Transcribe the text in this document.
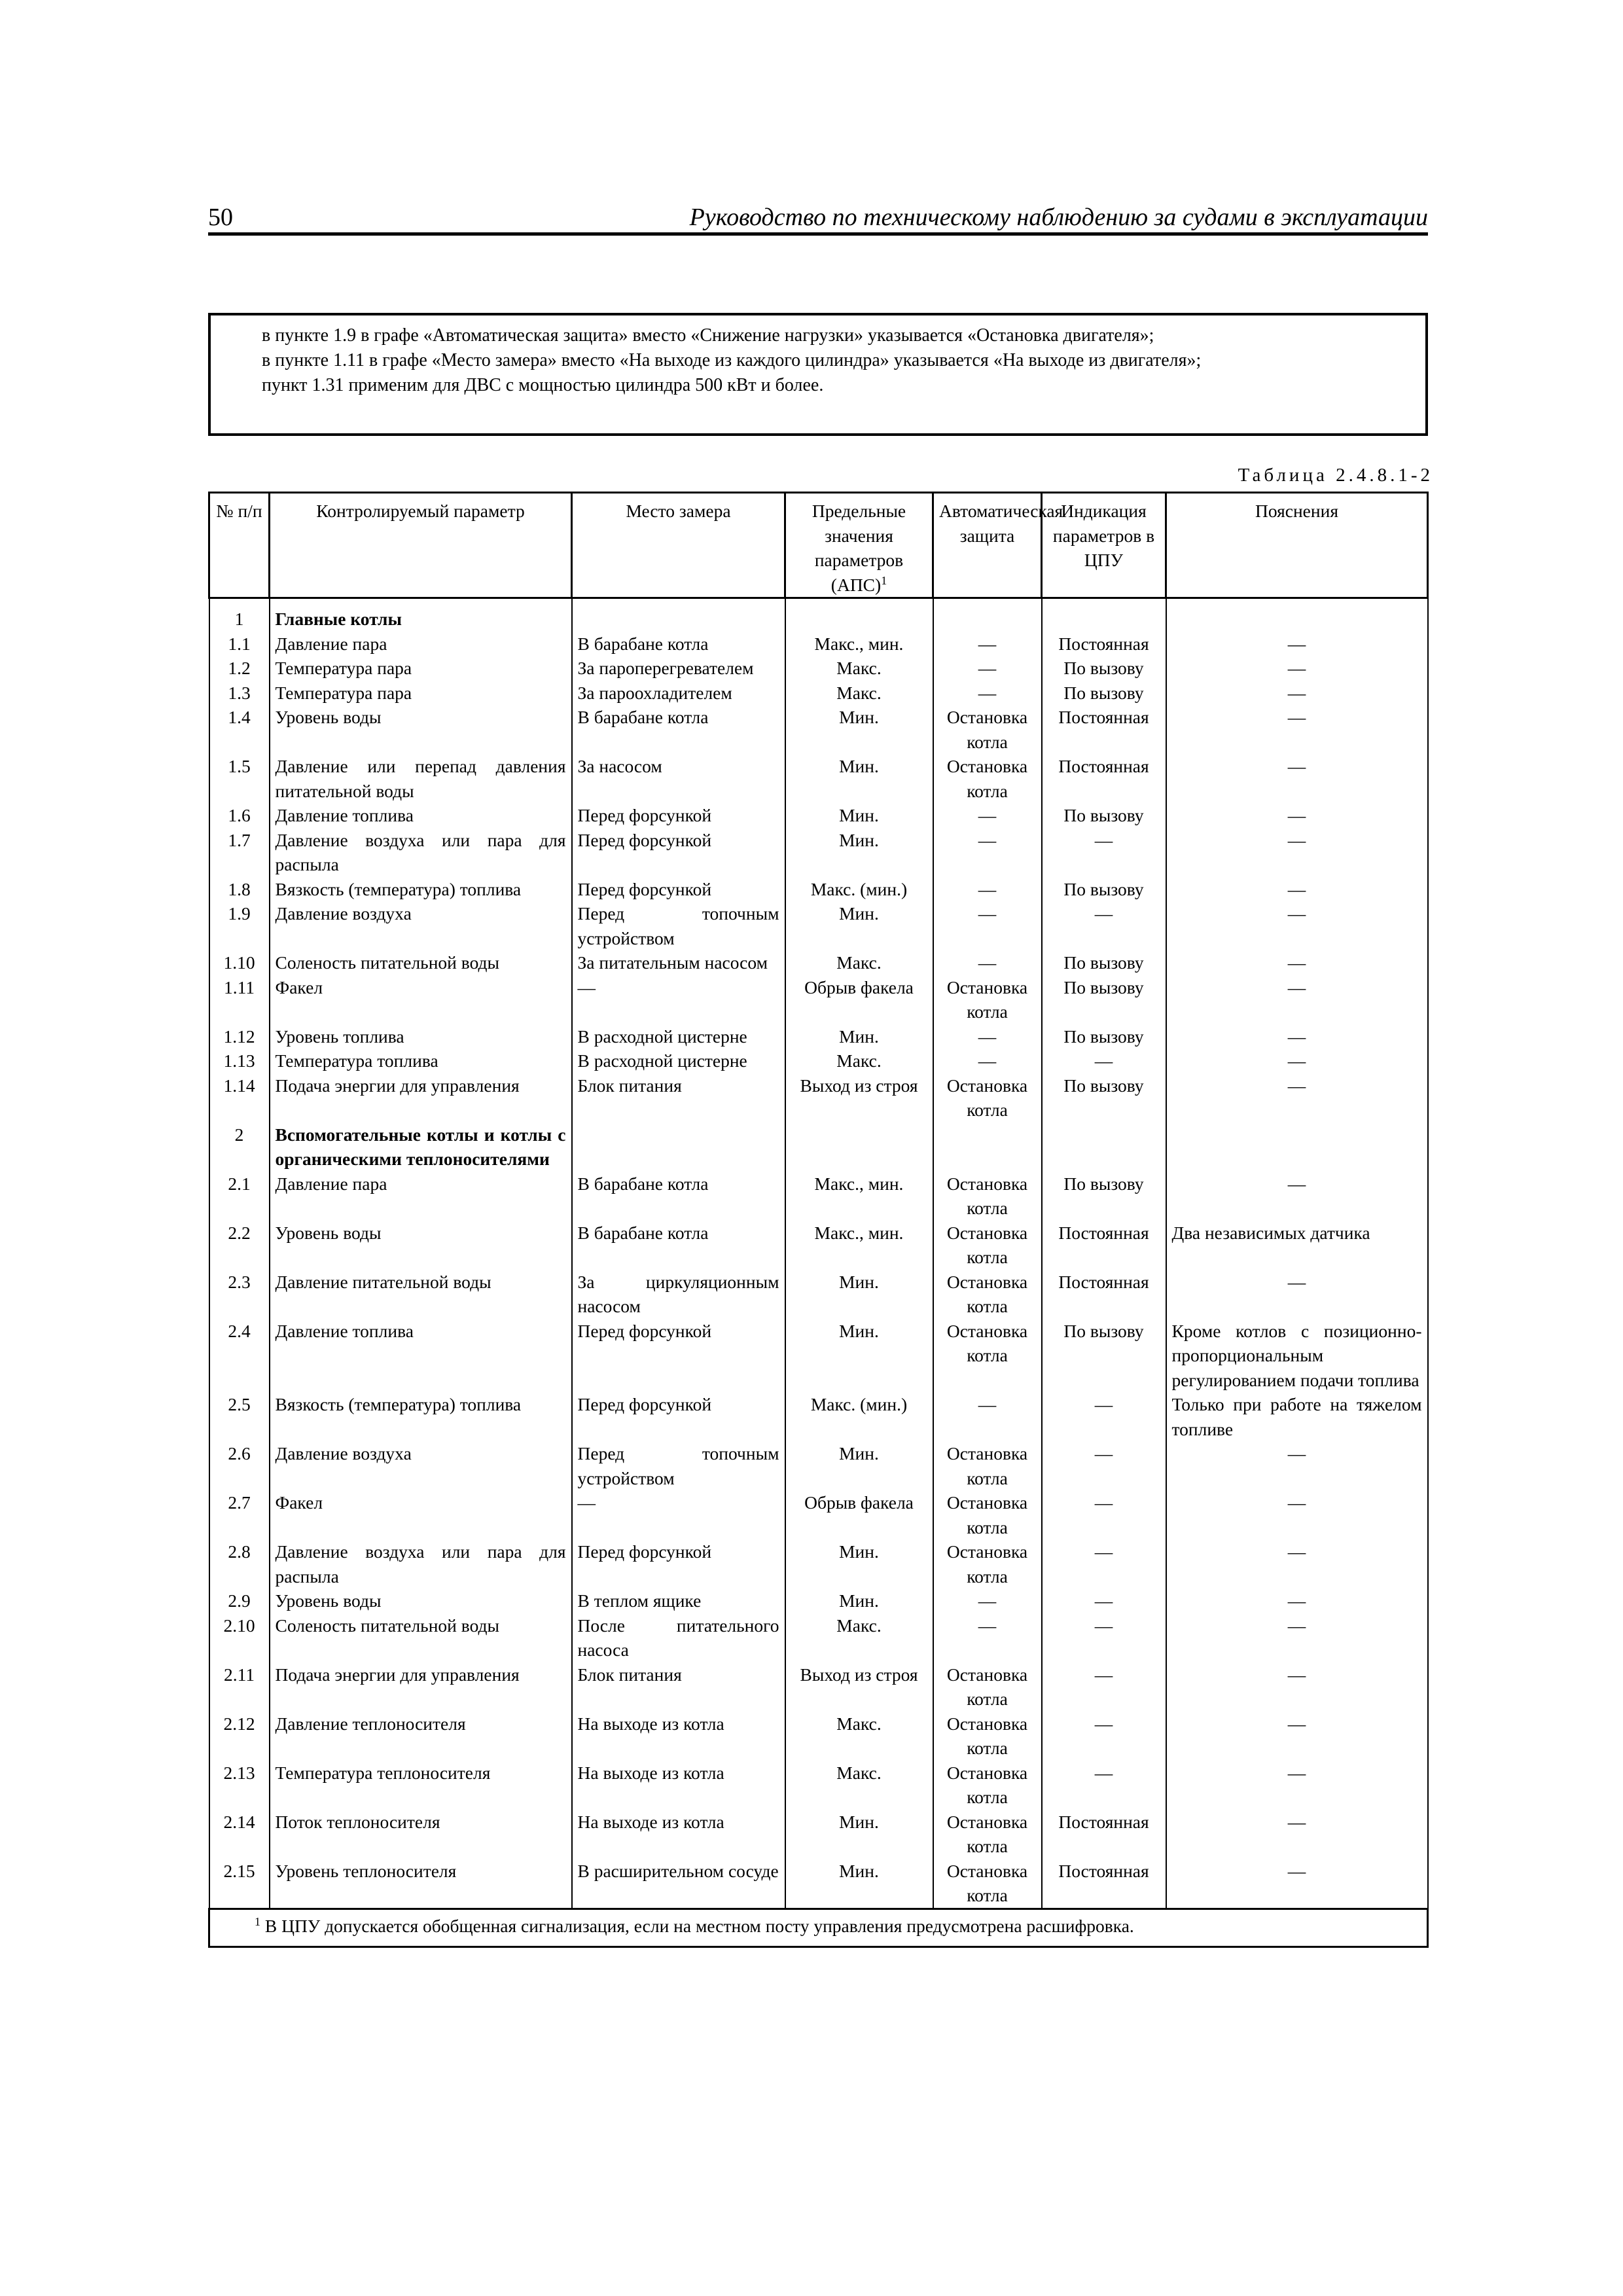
50	Руководство по техническому наблюдению за судами в эксплуатации
в пункте 1.9 в графе «Автоматическая защита» вместо «Снижение нагрузки» указывается «Остановка двигателя»;
в пункте 1.11 в графе «Место замера» вместо «На выходе из каждого цилиндра» указывается «На выходе из двигателя»;
пункт 1.31 применим для ДВС с мощностью цилиндра 500 кВт и более.
Таблица 2.4.8.1-2
№ п/п	Контролируемый параметр	Место замера	Предельные значения параметров (АПС)$^1$	Автоматическая защита	Индикация параметров в ЦПУ	Пояснения
1	Главные котлы					
1.1	Давление пара	В барабане котла	Макс., мин.	—	Постоянная	—
1.2	Температура пара	За пароперегревателем	Макс.	—	По вызову	—
1.3	Температура пара	За пароохладителем	Макс.	—	По вызову	—
1.4	Уровень воды	В барабане котла	Мин.	Остановка котла	Постоянная	—
1.5	Давление или перепад давления питательной воды	За насосом	Мин.	Остановка котла	Постоянная	—
1.6	Давление топлива	Перед форсункой	Мин.	—	По вызову	—
1.7	Давление воздуха или пара для распыла	Перед форсункой	Мин.	—	—	—
1.8	Вязкость (температура) топлива	Перед форсункой	Макс. (мин.)	—	По вызову	—
1.9	Давление воздуха	Перед топочным устройством	Мин.	—	—	—
1.10	Соленость питательной воды	За питательным насосом	Макс.	—	По вызову	—
1.11	Факел	—	Обрыв факела	Остановка котла	По вызову	—
1.12	Уровень топлива	В расходной цистерне	Мин.	—	По вызову	—
1.13	Температура топлива	В расходной цистерне	Макс.	—	—	—
1.14	Подача энергии для управления	Блок питания	Выход из строя	Остановка котла	По вызову	—
2	Вспомогательные котлы и котлы с органическими теплоносителями					
2.1	Давление пара	В барабане котла	Макс., мин.	Остановка котла	По вызову	—
2.2	Уровень воды	В барабане котла	Макс., мин.	Остановка котла	Постоянная	Два независимых датчика
2.3	Давление питательной воды	За циркуляционным насосом	Мин.	Остановка котла	Постоянная	—
2.4	Давление топлива	Перед форсункой	Мин.	Остановка котла	По вызову	Кроме котлов с позиционно-пропорциональным регулированием подачи топлива
2.5	Вязкость (температура) топлива	Перед форсункой	Макс. (мин.)	—	—	Только при работе на тяжелом топливе
2.6	Давление воздуха	Перед топочным устройством	Мин.	Остановка котла	—	—
2.7	Факел	—	Обрыв факела	Остановка котла	—	—
2.8	Давление воздуха или пара для распыла	Перед форсункой	Мин.	Остановка котла	—	—
2.9	Уровень воды	В теплом ящике	Мин.	—	—	—
2.10	Соленость питательной воды	После питательного насоса	Макс.	—	—	—
2.11	Подача энергии для управления	Блок питания	Выход из строя	Остановка котла	—	—
2.12	Давление теплоносителя	На выходе из котла	Макс.	Остановка котла	—	—
2.13	Температура теплоносителя	На выходе из котла	Макс.	Остановка котла	—	—
2.14	Поток теплоносителя	На выходе из котла	Мин.	Остановка котла	Постоянная	—
2.15	Уровень теплоносителя	В расширительном сосуде	Мин.	Остановка котла	Постоянная	—
$^1$ В ЦПУ допускается обобщенная сигнализация, если на местном посту управления предусмотрена расшифровка.						
